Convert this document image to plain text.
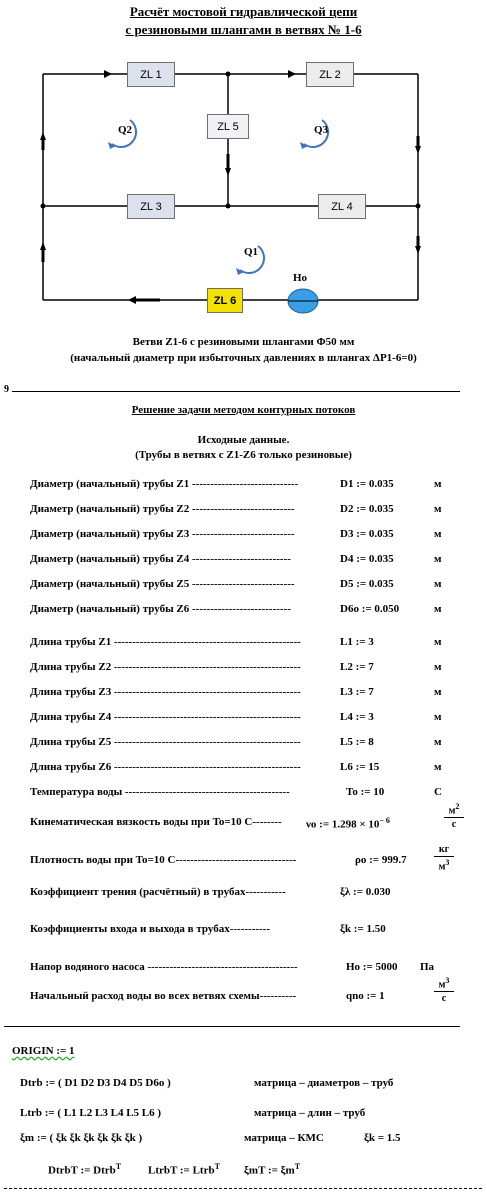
Расчёт мостовой гидравлической цепи
с резиновыми шлангами в ветвях № 1-6
ZL 1	ZL 2
ZL 5
ZL 3	ZL 4
ZL 6
Q2	Q3
Q1
Ho
Ветви Z1-6 с резиновыми шлангами Φ50 мм
(начальный диаметр при избыточных давлениях в шлангах ΔP1-6=0)
9
Решение задачи методом контурных потоков
Исходные данные.
(Трубы в ветвях с Z1-Z6 только резиновые)
Диаметр (начальный) трубы Z1 -----------------------------	D1 := 0.035	м
Диаметр (начальный) трубы Z2 ----------------------------	D2 := 0.035	м
Диаметр (начальный) трубы Z3 ----------------------------	D3 := 0.035	м
Диаметр (начальный) трубы Z4 ---------------------------	D4 := 0.035	м
Диаметр (начальный) трубы Z5 ----------------------------	D5 := 0.035	м
Диаметр (начальный) трубы Z6 ---------------------------	D6o := 0.050	м
Длина трубы Z1 ---------------------------------------------------	L1 := 3	м
Длина трубы Z2 ---------------------------------------------------	L2 := 7	м
Длина трубы Z3 ---------------------------------------------------	L3 := 7	м
Длина трубы Z4 ---------------------------------------------------	L4 := 3	м
Длина трубы Z5 ---------------------------------------------------	L5 := 8	м
Длина трубы Z6 ---------------------------------------------------	L6 := 15	м
Температура воды ---------------------------------------------	To := 10	C
Кинематическая вязкость воды при To=10 C-------- νo := $1.298 \times 10^{- 6}$
$м^2$
c
Плотность воды при To=10 C---------------------------------	ρo := 999.7
кг
$м^3$
Коэффициент трения (расчётный) в трубах-----------	ξλ := 0.030
Коэффициенты входа и выхода в трубах-----------	ξk := 1.50
Напор водяного насоса -----------------------------------------	Ho := 5000 Па
Начальный расход воды во всех ветвях схемы----------	qno := 1
$м^3$
c
ORIGIN := 1
Dtrb := ( D1 D2 D3 D4 D5 D6o )	матрица – диаметров – труб
Ltrb := ( L1 L2 L3 L4 L5 L6 )	матрица – длин – труб
ξm := ( ξk ξk ξk ξk ξk ξk )	матрица – КМС	ξk = 1.5
DtrbT := Dtrb$^T$ LtrbT := Ltrb$^T$ ξmT := $\xi m^T$
